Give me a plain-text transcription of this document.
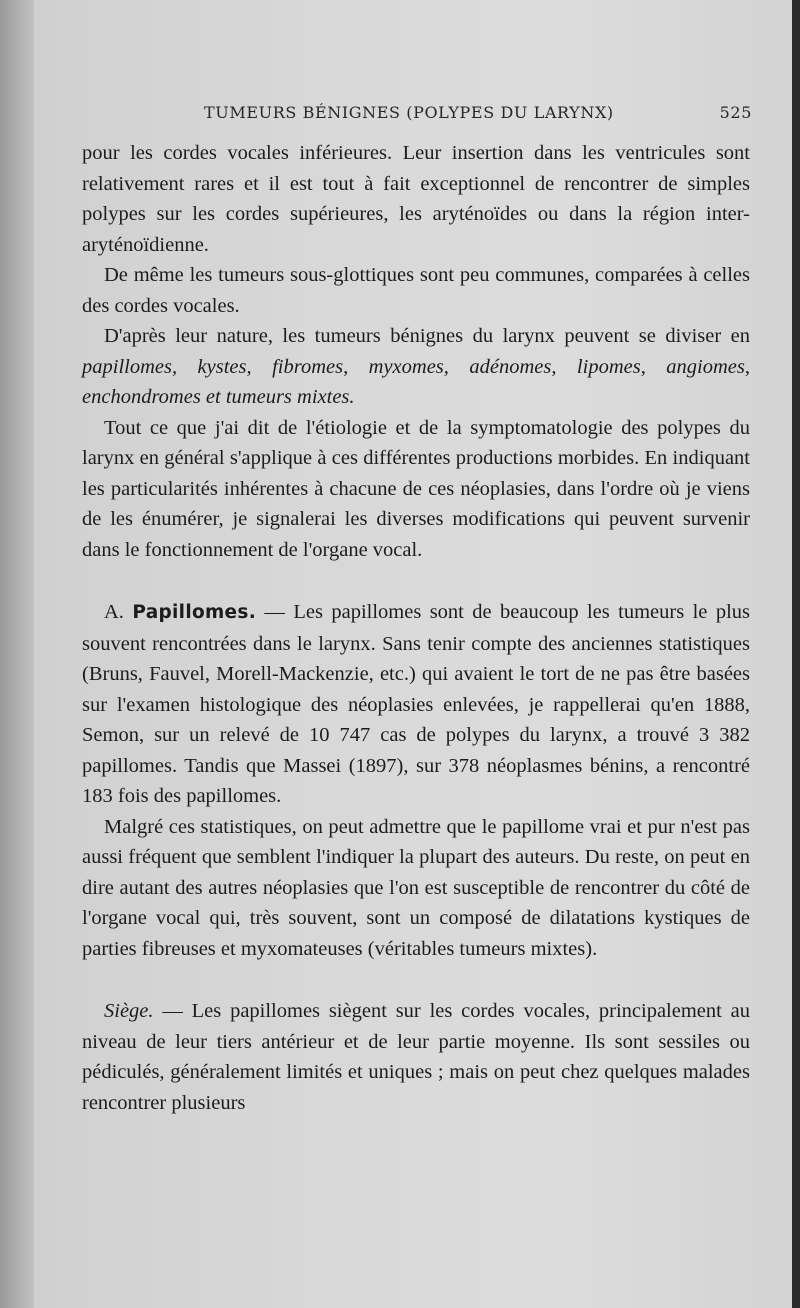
TUMEURS BÉNIGNES (POLYPES DU LARYNX)	525

pour les cordes vocales inférieures. Leur insertion dans les ventricules sont relativement rares et il est tout à fait exceptionnel de rencontrer de simples polypes sur les cordes supérieures, les aryténoïdes ou dans la région inter-aryténoïdienne.

De même les tumeurs sous-glottiques sont peu communes, comparées à celles des cordes vocales.

D'après leur nature, les tumeurs bénignes du larynx peuvent se diviser en papillomes, kystes, fibromes, myxomes, adénomes, lipomes, angiomes, enchondromes et tumeurs mixtes.

Tout ce que j'ai dit de l'étiologie et de la symptomatologie des polypes du larynx en général s'applique à ces différentes productions morbides. En indiquant les particularités inhérentes à chacune de ces néoplasies, dans l'ordre où je viens de les énumérer, je signalerai les diverses modifications qui peuvent survenir dans le fonctionnement de l'organe vocal.

A. Papillomes. — Les papillomes sont de beaucoup les tumeurs le plus souvent rencontrées dans le larynx. Sans tenir compte des anciennes statistiques (Bruns, Fauvel, Morell-Mackenzie, etc.) qui avaient le tort de ne pas être basées sur l'examen histologique des néoplasies enlevées, je rappellerai qu'en 1888, Semon, sur un relevé de 10 747 cas de polypes du larynx, a trouvé 3 382 papillomes. Tandis que Massei (1897), sur 378 néoplasmes bénins, a rencontré 183 fois des papillomes.

Malgré ces statistiques, on peut admettre que le papillome vrai et pur n'est pas aussi fréquent que semblent l'indiquer la plupart des auteurs. Du reste, on peut en dire autant des autres néoplasies que l'on est susceptible de rencontrer du côté de l'organe vocal qui, très souvent, sont un composé de dilatations kystiques de parties fibreuses et myxomateuses (véritables tumeurs mixtes).

Siège. — Les papillomes siègent sur les cordes vocales, principalement au niveau de leur tiers antérieur et de leur partie moyenne. Ils sont sessiles ou pédiculés, généralement limités et uniques ; mais on peut chez quelques malades rencontrer plusieurs
